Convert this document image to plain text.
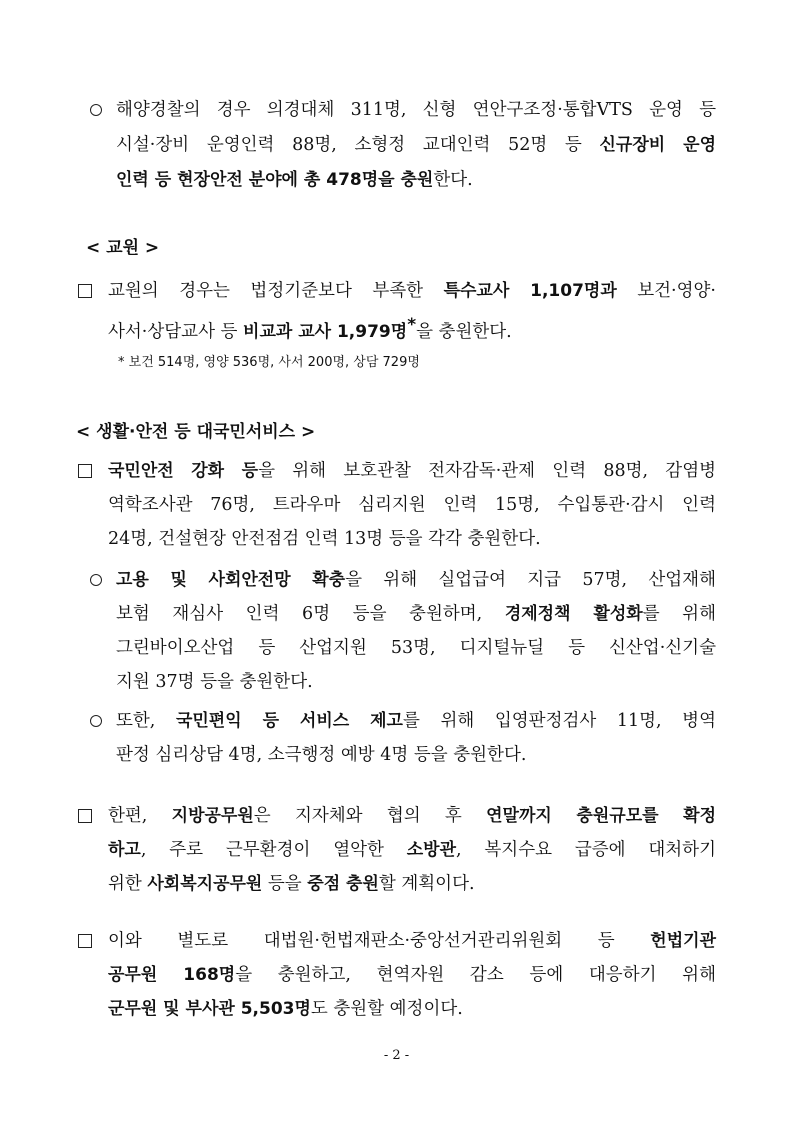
해양경찰의 경우 의경대체 311명, 신형 연안구조정·통합VTS 운영 등
시설·장비 운영인력 88명, 소형정 교대인력 52명 등 신규장비 운영
인력 등 현장안전 분야에 총 478명을 충원한다.
< 교원 >
교원의 경우는 법정기준보다 부족한 특수교사 1,107명과 보건·영양·
사서·상담교사 등 비교과 교사 1,979명*을 충원한다.
* 보건 514명, 영양 536명, 사서 200명, 상담 729명
< 생활·안전 등 대국민서비스 >
국민안전 강화 등을 위해 보호관찰 전자감독·관제 인력 88명, 감염병
역학조사관 76명, 트라우마 심리지원 인력 15명, 수입통관·감시 인력
24명, 건설현장 안전점검 인력 13명 등을 각각 충원한다.
고용 및 사회안전망 확충을 위해 실업급여 지급 57명, 산업재해
보험 재심사 인력 6명 등을 충원하며, 경제정책 활성화를 위해
그린바이오산업 등 산업지원 53명, 디지털뉴딜 등 신산업·신기술
지원 37명 등을 충원한다.
또한, 국민편익 등 서비스 제고를 위해 입영판정검사 11명, 병역
판정 심리상담 4명, 소극행정 예방 4명 등을 충원한다.
한편, 지방공무원은 지자체와 협의 후 연말까지 충원규모를 확정
하고, 주로 근무환경이 열악한 소방관, 복지수요 급증에 대처하기
위한 사회복지공무원 등을 중점 충원할 계획이다.
이와 별도로 대법원·헌법재판소·중앙선거관리위원회 등 헌법기관
공무원 168명을 충원하고, 현역자원 감소 등에 대응하기 위해
군무원 및 부사관 5,503명도 충원할 예정이다.
- 2 -
